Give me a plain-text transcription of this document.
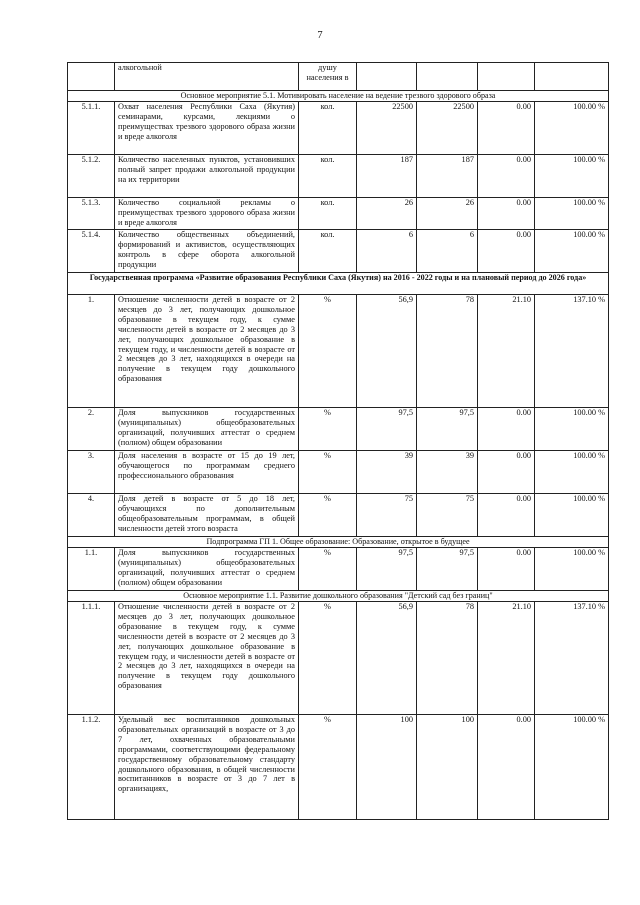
7
	алкогольной	душу населения в				
Основное мероприятие 5.1. Мотивировать население на ведение трезвого здорового образа						
5.1.1.	Охват населения Республики Саха (Якутия) семинарами, курсами, лекциями о преимуществах трезвого здорового образа жизни и вреде алкоголя	кол.	22500	22500	0.00	100.00 %
5.1.2.	Количество населенных пунктов, установивших полный запрет продажи алкогольной продукции на их территории	кол.	187	187	0.00	100.00 %
5.1.3.	Количество социальной рекламы о преимуществах трезвого здорового образа жизни и вреде алкоголя	кол.	26	26	0.00	100.00 %
5.1.4.	Количество общественных объединений, формирований и активистов, осуществляющих контроль в сфере оборота алкогольной продукции	кол.	6	6	0.00	100.00 %
Государственная программа «Развитие образования Республики Саха (Якутия) на 2016 - 2022 годы и на плановый период до 2026 года»						
1.	Отношение численности детей в возрасте от 2 месяцев до 3 лет, получающих дошкольное образование в текущем году, к сумме численности детей в возрасте от 2 месяцев до 3 лет, получающих дошкольное образование в текущем году, и численности детей в возрасте от 2 месяцев до 3 лет, находящихся в очереди на получение в текущем году дошкольного образования	%	56,9	78	21.10	137.10 %
2.	Доля выпускников государственных (муниципальных) общеобразовательных организаций, получивших аттестат о среднем (полном) общем образовании	%	97,5	97,5	0.00	100.00 %
3.	Доля населения в возрасте от 15 до 19 лет, обучающегося по программам среднего профессионального образования	%	39	39	0.00	100.00 %
4.	Доля детей в возрасте от 5 до 18 лет, обучающихся по дополнительным общеобразовательным программам, в общей численности детей этого возраста	%	75	75	0.00	100.00 %
Подпрограмма ГП 1. Общее образование: Образование, открытое в будущее						
1.1.	Доля выпускников государственных (муниципальных) общеобразовательных организаций, получивших аттестат о среднем (полном) общем образовании	%	97,5	97,5	0.00	100.00 %
Основное мероприятие 1.1. Развитие дошкольного образования "Детский сад без границ"						
1.1.1.	Отношение численности детей в возрасте от 2 месяцев до 3 лет, получающих дошкольное образование в текущем году, к сумме численности детей в возрасте от 2 месяцев до 3 лет, получающих дошкольное образование в текущем году, и численности детей в возрасте от 2 месяцев до 3 лет, находящихся в очереди на получение в текущем году дошкольного образования	%	56,9	78	21.10	137.10 %
1.1.2.	Удельный вес воспитанников дошкольных образовательных организаций в возрасте от 3 до 7 лет, охваченных образовательными программами, соответствующими федеральному государственному образовательному стандарту дошкольного образования, в общей численности воспитанников в возрасте от 3 до 7 лет в организациях,	%	100	100	0.00	100.00 %
